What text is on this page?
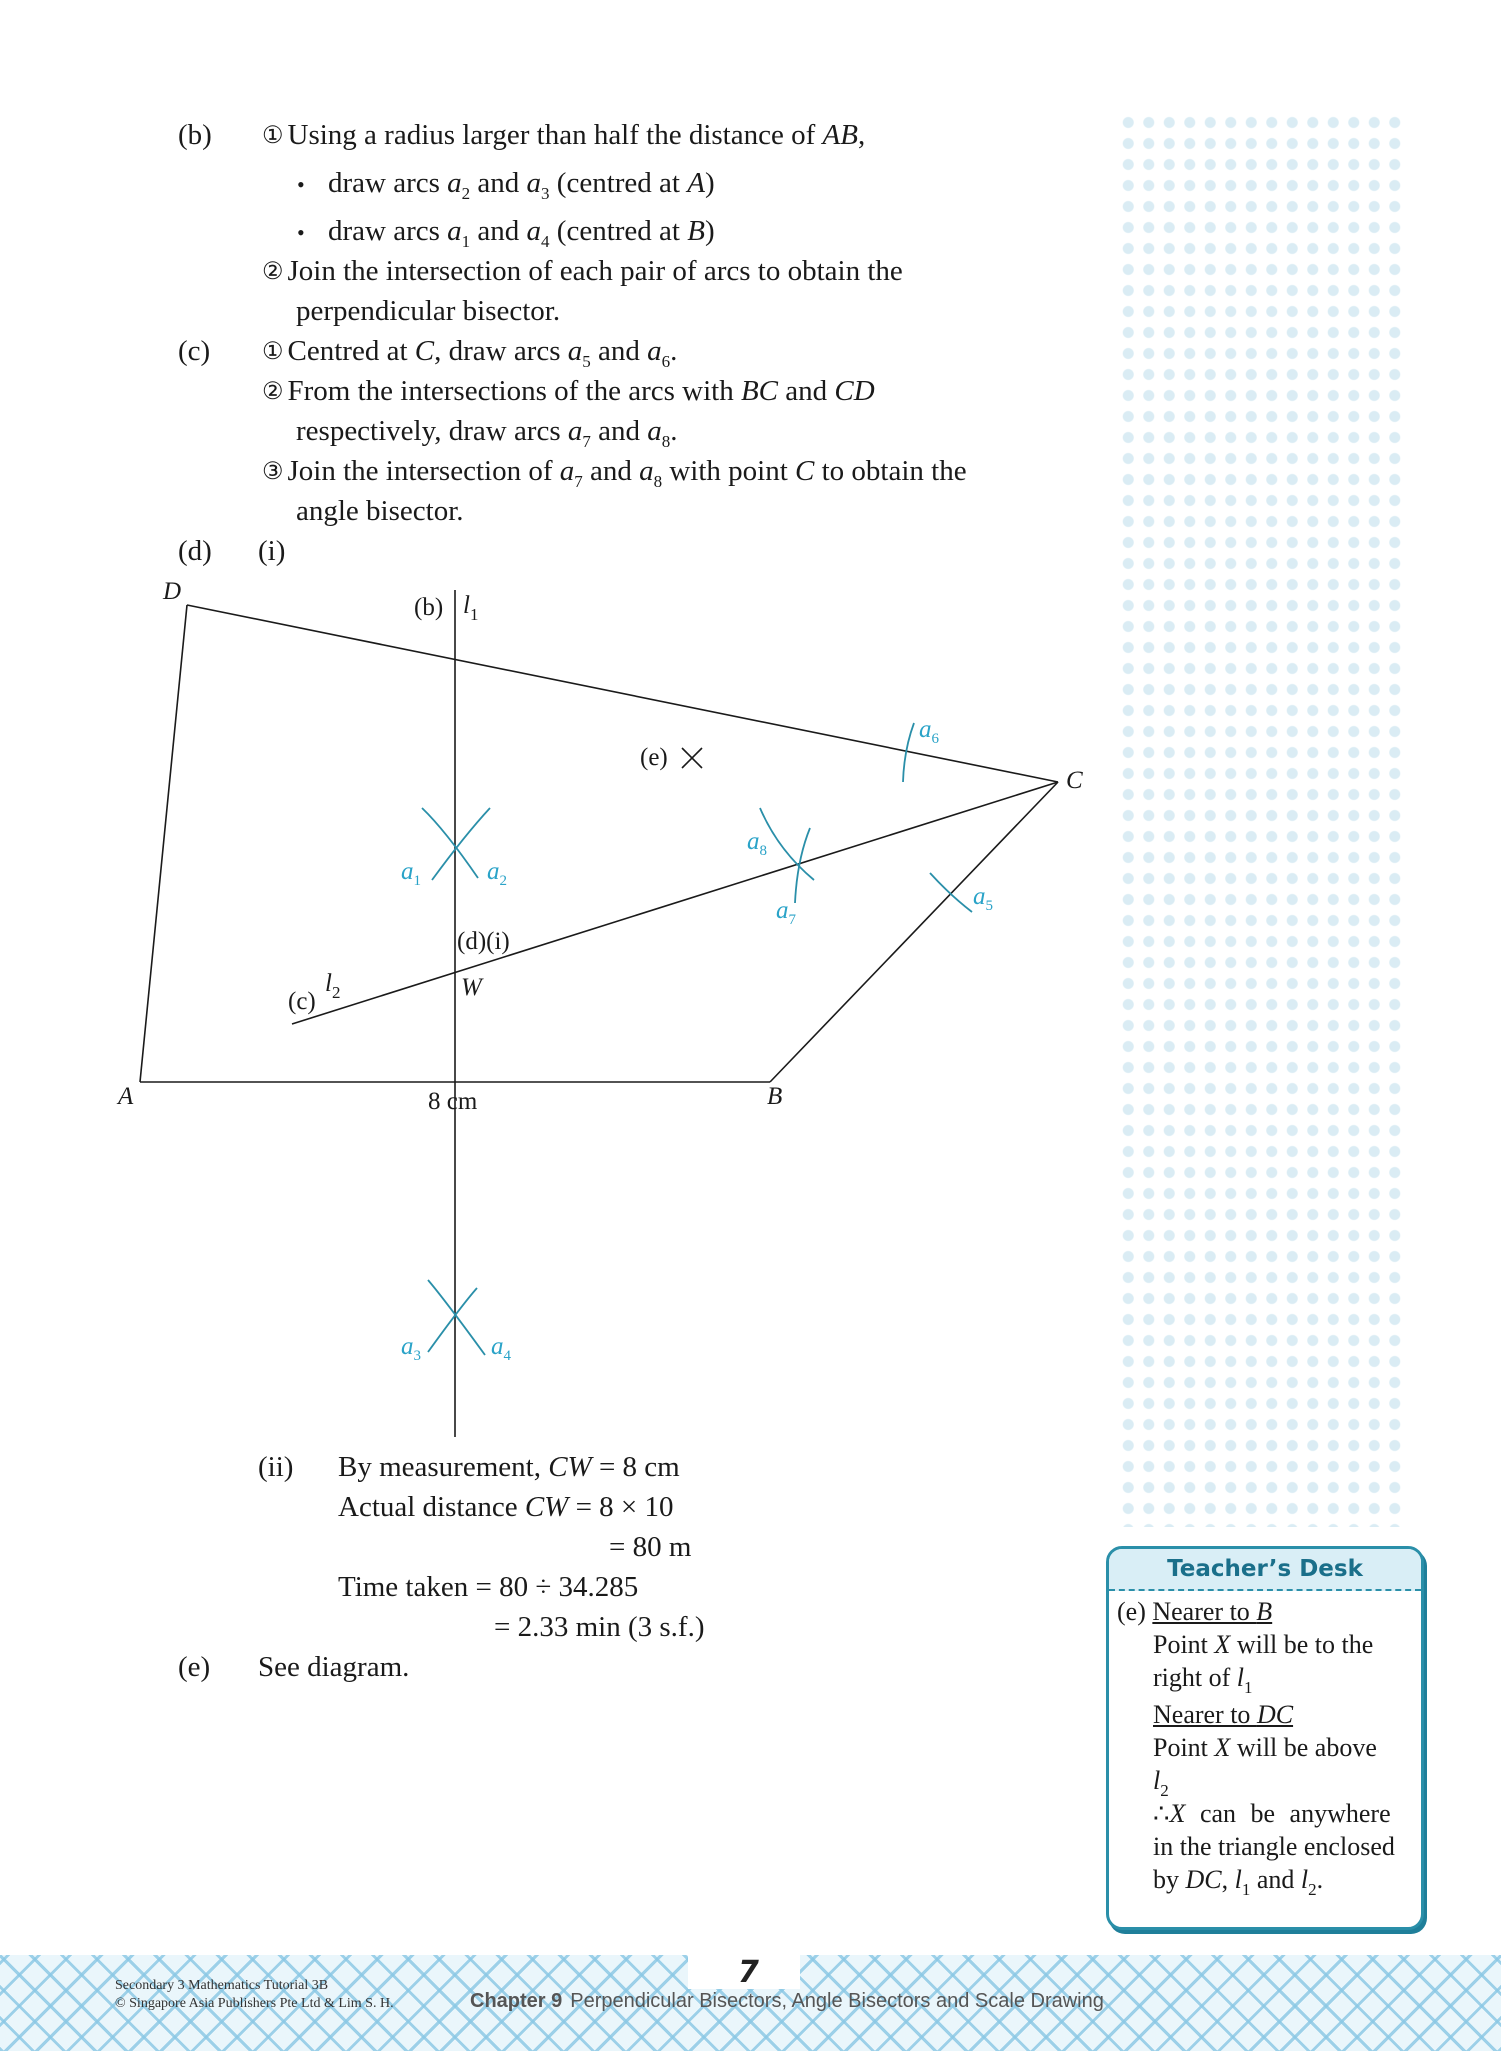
(b) ① Using a radius larger than half the distance of AB,
• draw arcs $a_2$ and $a_3$ (centred at A)
• draw arcs $a_1$ and $a_4$ (centred at B)
② Join the intersection of each pair of arcs to obtain the
perpendicular bisector.
(c) ① Centred at C, draw arcs $a_5$ and $a_6$.
② From the intersections of the arcs with BC and CD
respectively, draw arcs $a_7$ and $a_8$.
③ Join the intersection of $a_7$ and $a_8$ with point C to obtain the
angle bisector.
(d) (i)
D
C
A	B
W
8 cm
(b) $l_1$
(c)
$l_2$
(d)(i)
(e)
$a_1$	$a_2$
$a_3$	$a_4$
$a_5$
$a_6$
$a_7$
$a_8$
(ii) By measurement, CW = 8 cm
Actual distance CW = 8 × 10
= 80 m
Time taken = 80 ÷ 34.285
= 2.33 min (3 s.f.)
(e) See diagram.
Teacher’s Desk
(e) Nearer to B
Point X will be to the
right of $l_1$
Nearer to DC
Point X will be above
$l_2$
∴X can be anywhere
in the triangle enclosed
by DC, $l_1$ and $l_2$.
7
Secondary 3 Mathematics Tutorial 3B
© Singapore Asia Publishers Pte Ltd & Lim S. H.	Chapter 9 Perpendicular Bisectors, Angle Bisectors and Scale Drawing
